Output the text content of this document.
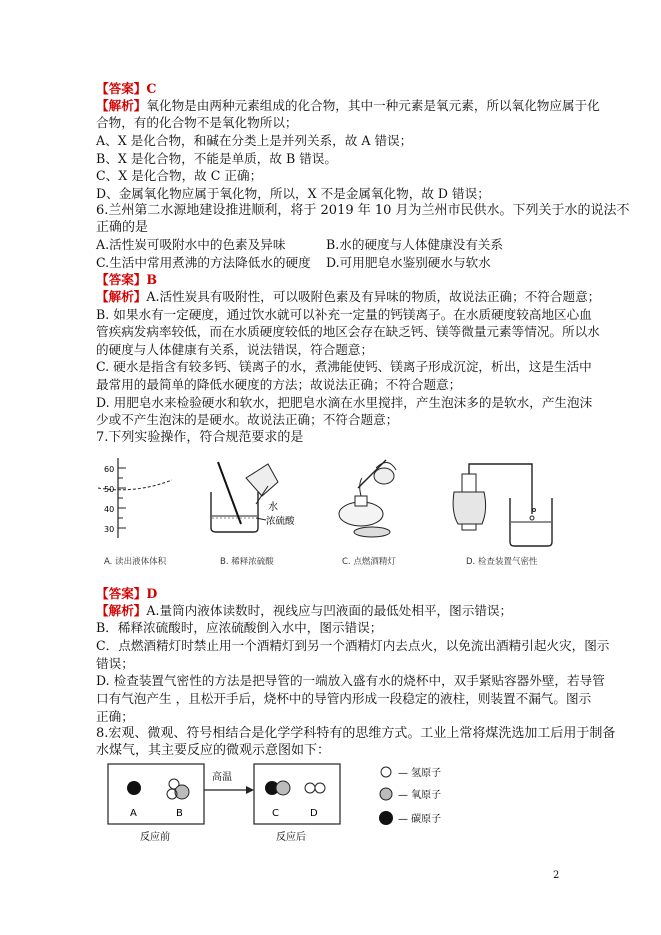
【答案】C
【解析】氧化物是由两种元素组成的化合物，其中一种元素是氧元素，所以氧化物应属于化
合物，有的化合物不是氧化物所以；
A、X 是化合物，和碱在分类上是并列关系，故 A 错误；
B、X 是化合物，不能是单质，故 B 错误。
C、X 是化合物，故 C 正确；
D、金属氧化物应属于氧化物，所以，X 不是金属氧化物，故 D 错误；
6.兰州第二水源地建设推进顺利，将于 2019 年 10 月为兰州市民供水。下列关于水的说法不
正确的是
A.活性炭可吸附水中的色素及异味	B.水的硬度与人体健康没有关系
C.生活中常用煮沸的方法降低水的硬度 D.可用肥皂水鉴别硬水与软水
【答案】B
【解析】A.活性炭具有吸附性，可以吸附色素及有异味的物质，故说法正确；不符合题意；
B. 如果水有一定硬度，通过饮水就可以补充一定量的钙镁离子。在水质硬度较高地区心血
管疾病发病率较低，而在水质硬度较低的地区会存在缺乏钙、镁等微量元素等情况。所以水
的硬度与人体健康有关系，说法错误，符合题意；
C. 硬水是指含有较多钙、镁离子的水，煮沸能使钙、镁离子形成沉淀，析出，这是生活中
最常用的最简单的降低水硬度的方法；故说法正确；不符合题意；
D. 用肥皂水来检验硬水和软水，把肥皂水滴在水里搅拌，产生泡沫多的是软水，产生泡沫
少或不产生泡沫的是硬水。故说法正确；不符合题意；
7.下列实验操作，符合规范要求的是
60
50
40
30
水
浓硫酸
A. 读出液体体积	B. 稀释浓硫酸	C. 点燃酒精灯	D. 检查装置气密性
【答案】D
【解析】A.量筒内液体读数时，视线应与凹液面的最低处相平，图示错误；
B．稀释浓硫酸时，应浓硫酸倒入水中，图示错误；
C．点燃酒精灯时禁止用一个酒精灯到另一个酒精灯内去点火，以免流出酒精引起火灾，图示
错误；
D. 检查装置气密性的方法是把导管的一端放入盛有水的烧杯中，双手紧贴容器外壁，若导管
口有气泡产生 ，且松开手后，烧杯中的导管内形成一段稳定的液柱，则装置不漏气。图示
正确；
8.宏观、微观、符号相结合是化学学科特有的思维方式。工业上常将煤洗选加工后用于制备
水煤气，其主要反应的微观示意图如下：
A	B
高温
C	D
反应前	反应后
— 氢原子
— 氧原子
— 碳原子
2
